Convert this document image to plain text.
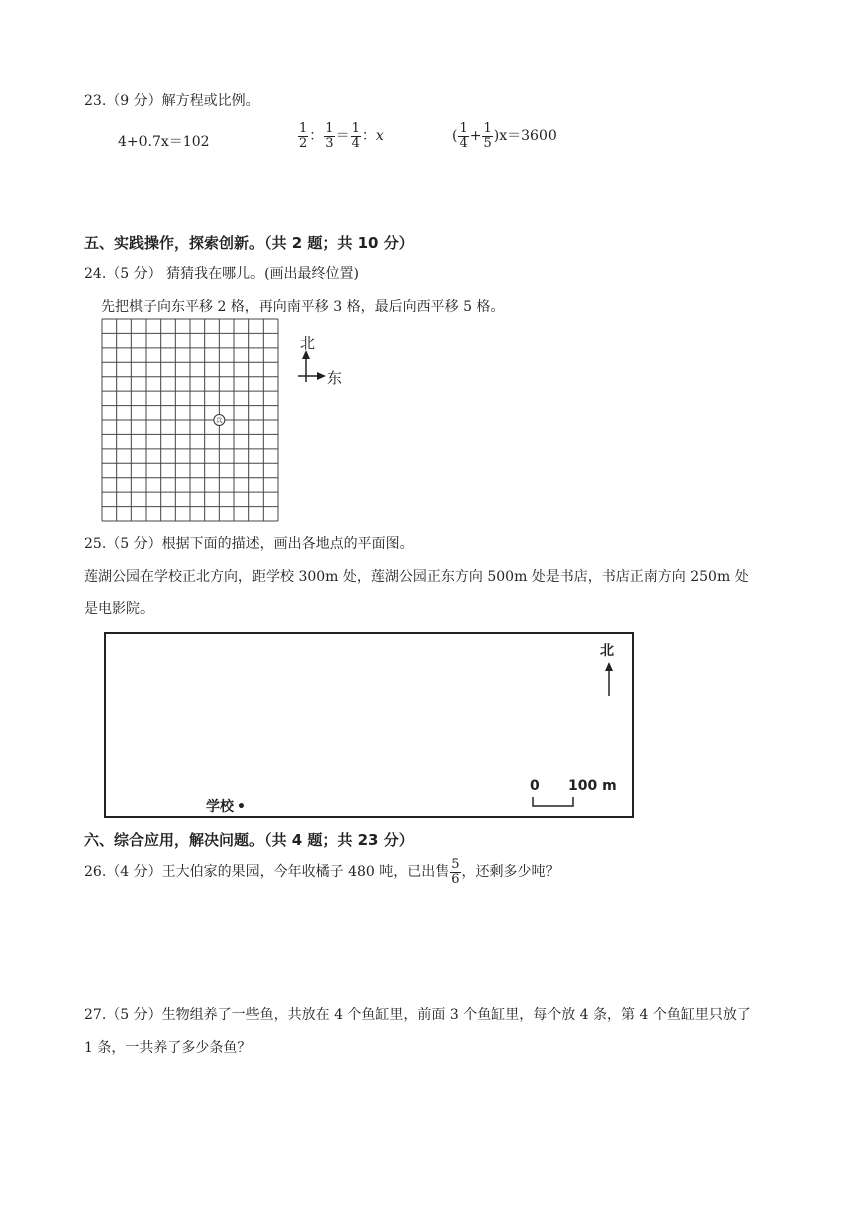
23.（9 分）解方程或比例。
4+0.7x＝102	$\frac{1}{2}$ ： $\frac{1}{3} = \frac{1}{4}$ ：x	( $\frac{1}{4} + \frac{1}{5} )x=3600$
五、实践操作，探索创新。（共 2 题；共 10 分）
24.（5 分） 猜猜我在哪儿。(画出最终位置)
先把棋子向东平移 2 格，再向南平移 3 格，最后向西平移 5 格。
兵
北
东
25.（5 分）根据下面的描述，画出各地点的平面图。
莲湖公园在学校正北方向，距学校 300m 处，莲湖公园正东方向 500m 处是书店，书店正南方向 250m 处
是电影院。
北
0 100 m
学校 •
六、综合应用，解决问题。（共 4 题；共 23 分）
26.（4 分）王大伯家的果园，今年收橘子 480 吨，已出售 $\frac{5}{6}$ ，还剩多少吨？
27.（5 分）生物组养了一些鱼，共放在 4 个鱼缸里，前面 3 个鱼缸里，每个放 4 条，第 4 个鱼缸里只放了
1 条，一共养了多少条鱼？
